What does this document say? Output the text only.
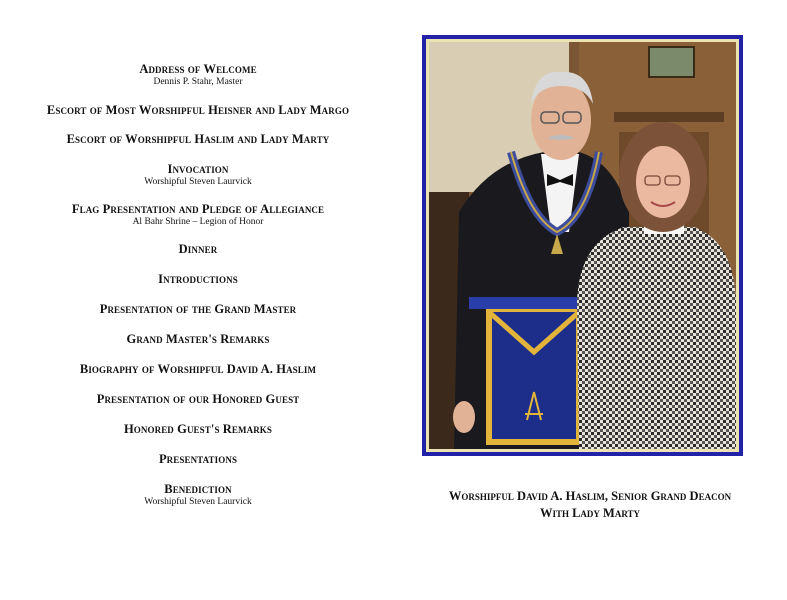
Address of Welcome
Dennis P. Stahr, Master
Escort of Most Worshipful Heisner and Lady Margo
Escort of Worshipful Haslim and Lady Marty
Invocation
Worshipful Steven Laurvick
Flag Presentation and Pledge of Allegiance
Al Bahr Shrine – Legion of Honor
Dinner
Introductions
Presentation of the Grand Master
Grand Master's Remarks
Biography of Worshipful David A. Haslim
Presentation of our Honored Guest
Honored Guest's Remarks
Presentations
Benediction
Worshipful Steven Laurvick	Worshipful David A. Haslim, Senior Grand Deacon
With Lady Marty
